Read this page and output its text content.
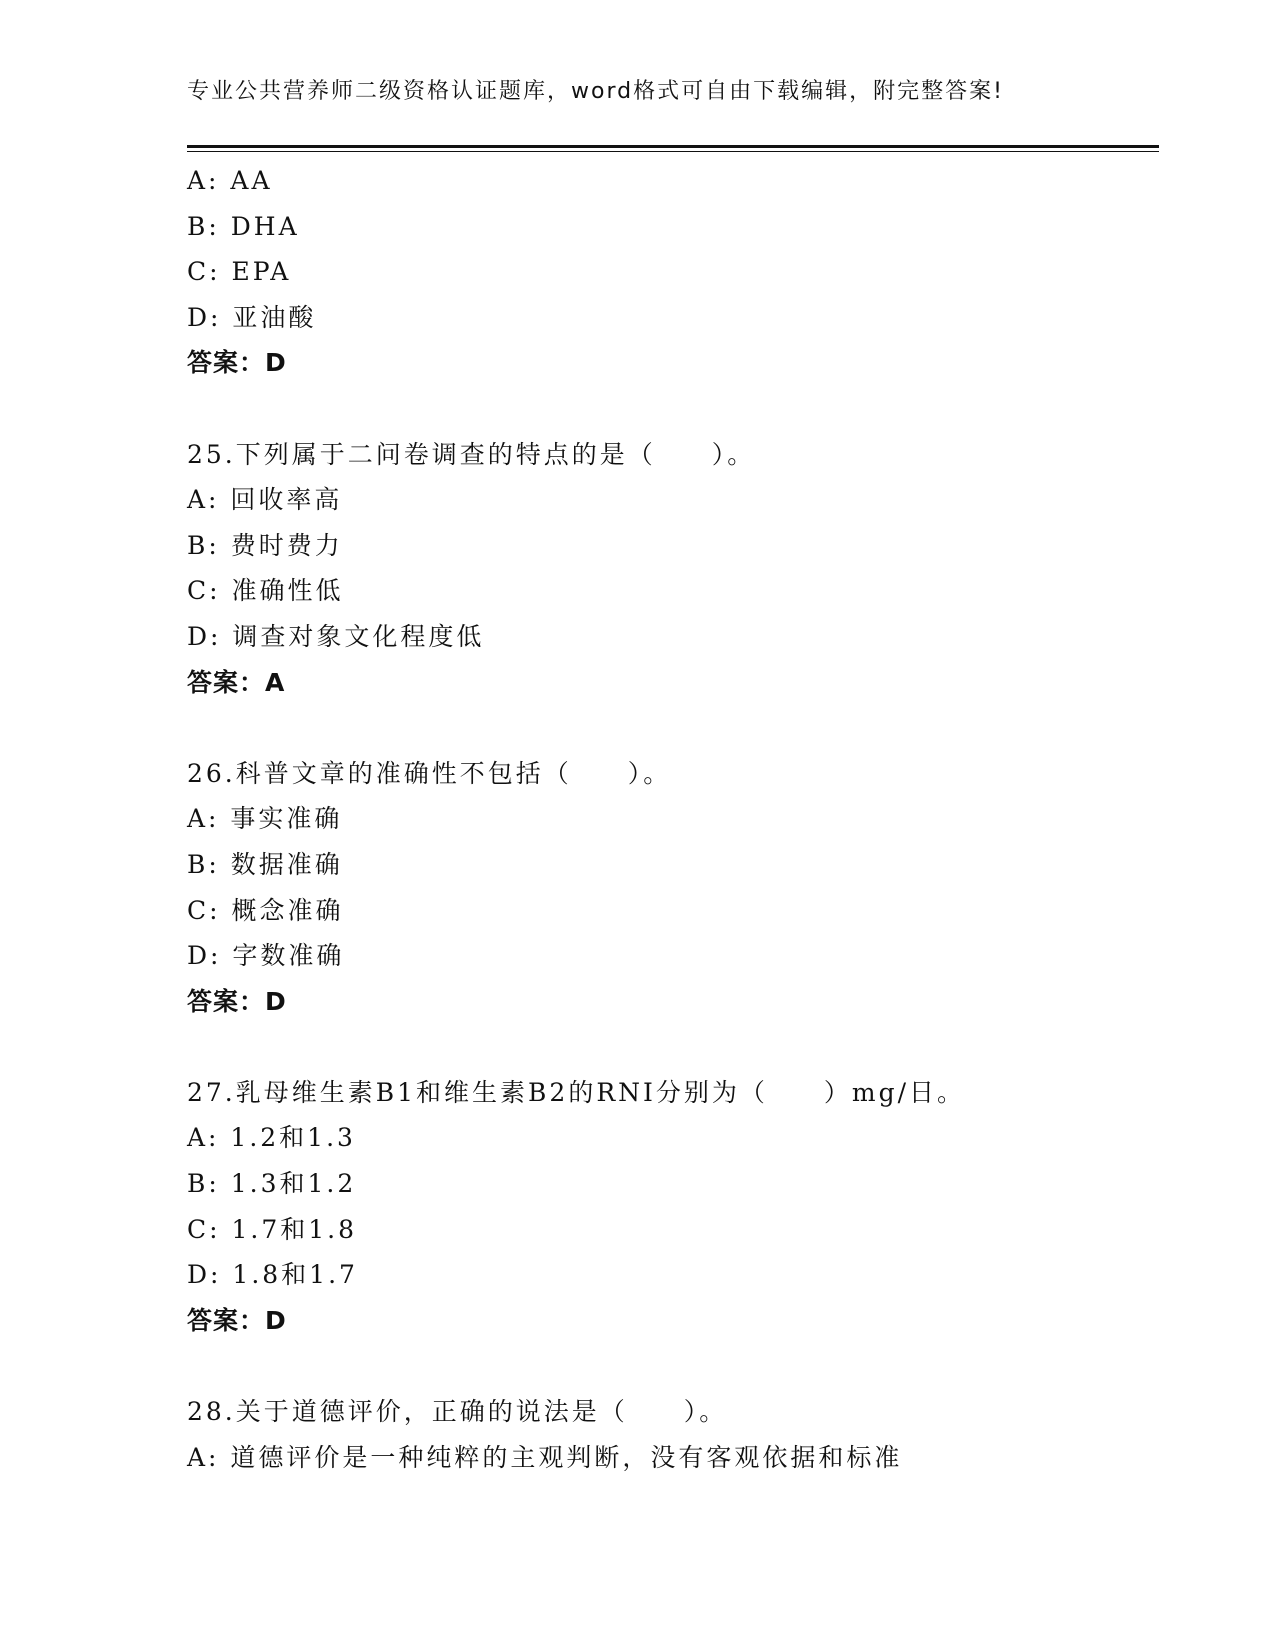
专业公共营养师二级资格认证题库，word格式可自由下载编辑，附完整答案!
A: AA
B: DHA
C: EPA
D: 亚油酸
答案：D
25.下列属于二问卷调查的特点的是（　　）。
A: 回收率高
B: 费时费力
C: 准确性低
D: 调查对象文化程度低
答案：A
26.科普文章的准确性不包括（　　）。
A: 事实准确
B: 数据准确
C: 概念准确
D: 字数准确
答案：D
27.乳母维生素B1和维生素B2的RNI分别为（　　）mg/日。
A: 1.2和1.3
B: 1.3和1.2
C: 1.7和1.8
D: 1.8和1.7
答案：D
28.关于道德评价，正确的说法是（　　）。
A: 道德评价是一种纯粹的主观判断，没有客观依据和标准
